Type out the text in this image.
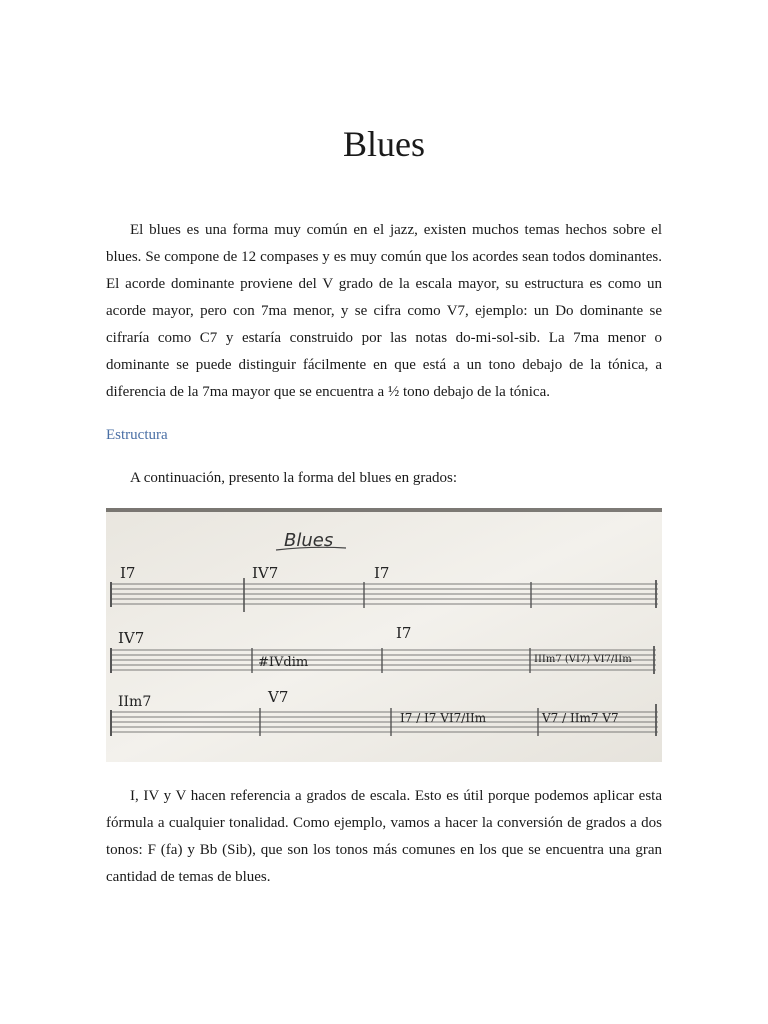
Blues

El blues es una forma muy común en el jazz, existen muchos temas hechos sobre el blues. Se compone de 12 compases y es muy común que los acordes sean todos dominantes. El acorde dominante proviene del V grado de la escala mayor, su estructura es como un acorde mayor, pero con 7ma menor, y se cifra como V7, ejemplo: un Do dominante se cifraría como C7 y estaría construido por las notas do-mi-sol-sib. La 7ma menor o dominante se puede distinguir fácilmente en que está a un tono debajo de la tónica, a diferencia de la 7ma mayor que se encuentra a ½ tono debajo de la tónica.

Estructura

A continuación, presento la forma del blues en grados:

Blues
I7	IV7	I7
IV7
#IVdim
I7
IIIm7 (VI7) VI7/IIm
IIm7	V7
I7 / I7 VI7/IIm	V7 / IIm7 V7

I, IV y V hacen referencia a grados de escala. Esto es útil porque podemos aplicar esta fórmula a cualquier tonalidad. Como ejemplo, vamos a hacer la conversión de grados a dos tonos: F (fa) y Bb (Sib), que son los tonos más comunes en los que se encuentra una gran cantidad de temas de blues.
